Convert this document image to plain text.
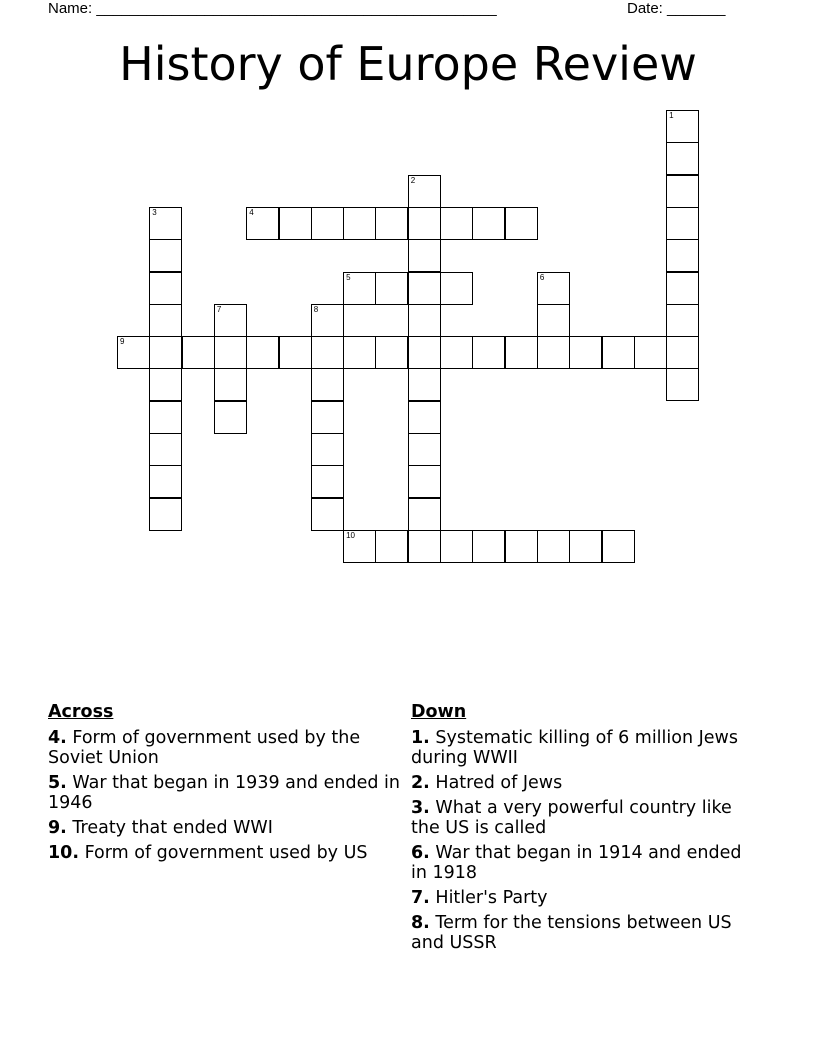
Name: ________________________________________________	Date: _______
History of Europe Review
1
2
3	4
5	6
7	8
9
10
Across
4. Form of government used by the Soviet Union
5. War that began in 1939 and ended in 1946
9. Treaty that ended WWI
10. Form of government used by US
Down
1. Systematic killing of 6 million Jews during WWII
2. Hatred of Jews
3. What a very powerful country like the US is called
6. War that began in 1914 and ended in 1918
7. Hitler's Party
8. Term for the tensions between US and USSR
